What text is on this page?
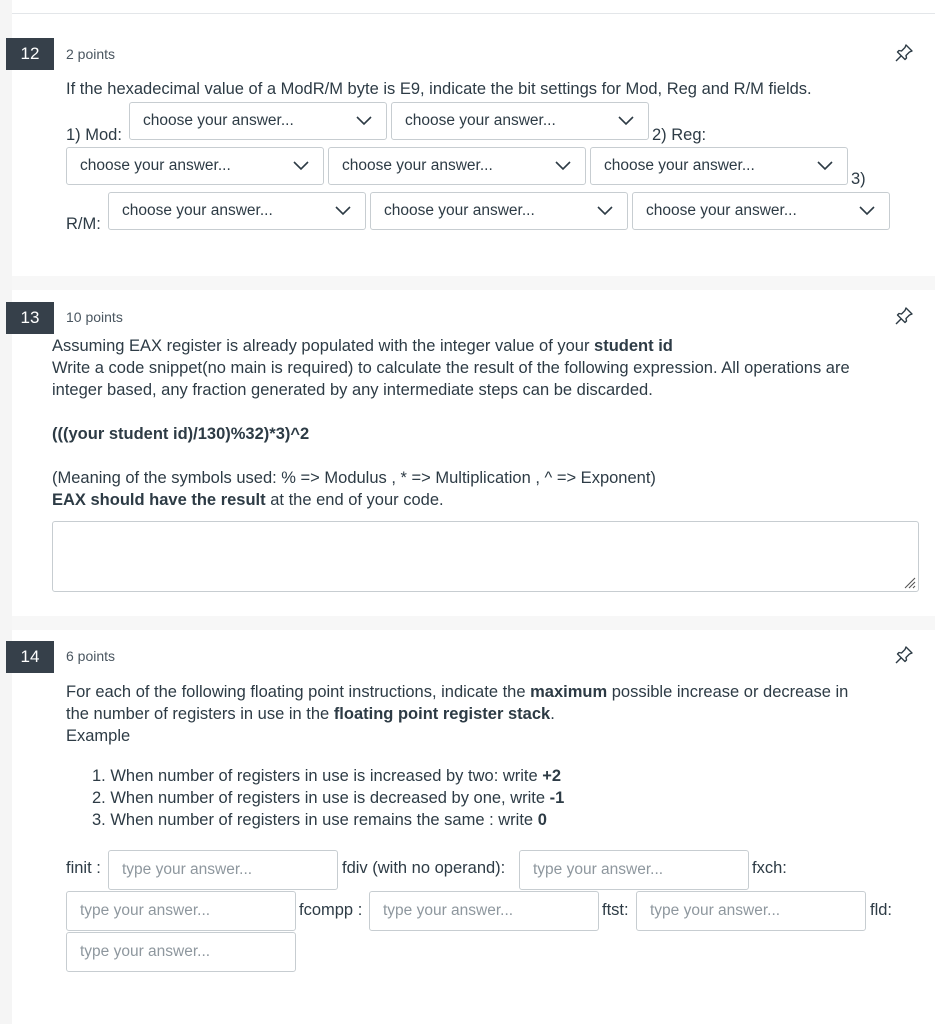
12	2 points
If the hexadecimal value of a ModR/M byte is E9, indicate the bit settings for Mod, Reg and R/M fields.
1) Mod:
choose your answer...	choose your answer...
2) Reg:
choose your answer...	choose your answer...	choose your answer...
3)
R/M:
choose your answer...	choose your answer...	choose your answer...
13	10 points
Assuming EAX register is already populated with the integer value of your student id
Write a code snippet(no main is required) to calculate the result of the following expression. All operations are
integer based, any fraction generated by any intermediate steps can be discarded.
(((your student id)/130)%32)*3)^2
(Meaning of the symbols used: % => Modulus , * => Multiplication , ^ => Exponent)
EAX should have the result at the end of your code.
14	6 points
For each of the following floating point instructions, indicate the maximum possible increase or decrease in
the number of registers in use in the floating point register stack.
Example
1. When number of registers in use is increased by two: write +2
2. When number of registers in use is decreased by one, write -1
3. When number of registers in use remains the same : write 0
finit :	type your answer...	fdiv (with no operand):	type your answer...	fxch:
type your answer...	fcompp :	type your answer...	ftst:	type your answer...	fld:
type your answer...
